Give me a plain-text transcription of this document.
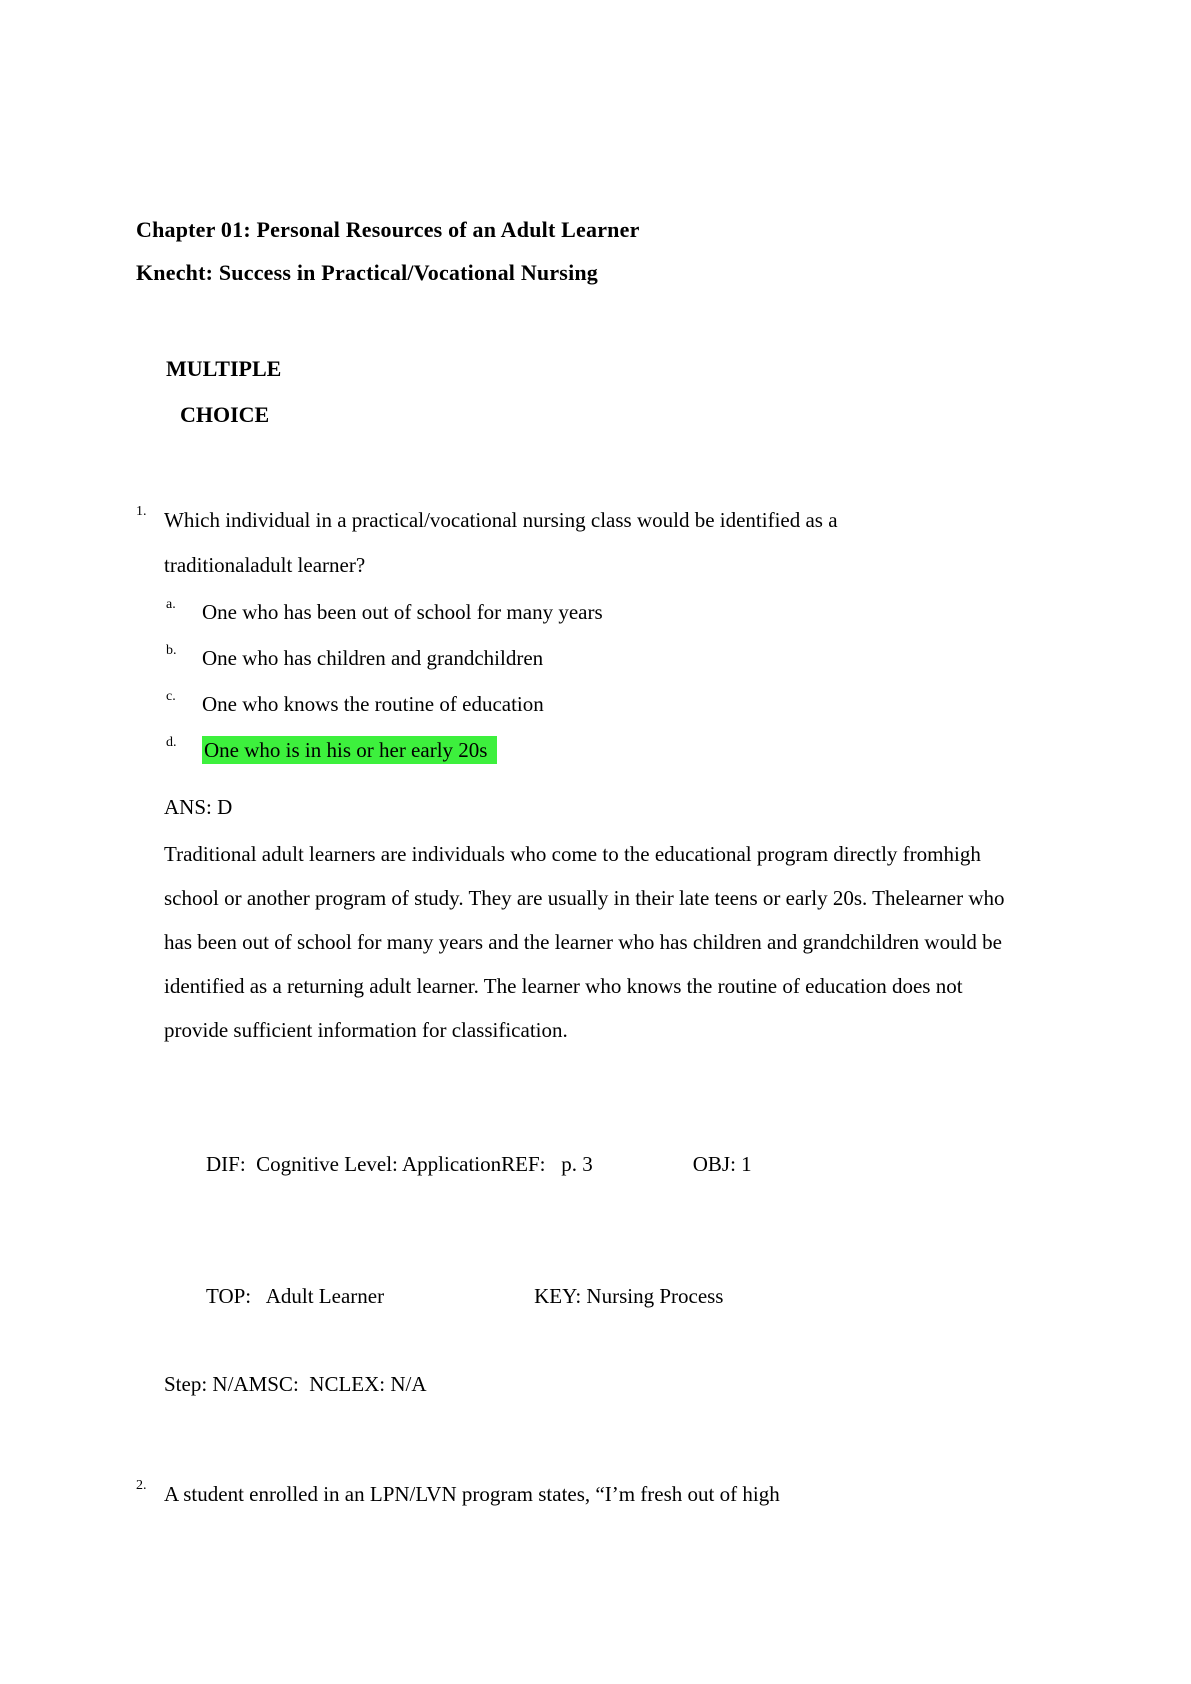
Chapter 01: Personal Resources of an Adult Learner
Knecht: Success in Practical/Vocational Nursing
MULTIPLE
CHOICE
1. Which individual in a practical/vocational nursing class would be identified as a traditionaladult learner?
a.	One who has been out of school for many years
b.	One who has children and grandchildren
c.	One who knows the routine of education
d.	One who is in his or her early 20s
ANS: D
Traditional adult learners are individuals who come to the educational program directly fromhigh school or another program of study. They are usually in their late teens or early 20s. Thelearner who has been out of school for many years and the learner who has children and grandchildren would be identified as a returning adult learner. The learner who knows the routine of education does not provide sufficient information for classification.

DIF:  Cognitive Level: ApplicationREF:   p. 3	OBJ: 1

TOP:   Adult Learner	KEY: Nursing Process

Step: N/AMSC:  NCLEX: N/A
2. A student enrolled in an LPN/LVN program states, “I’m fresh out of high
